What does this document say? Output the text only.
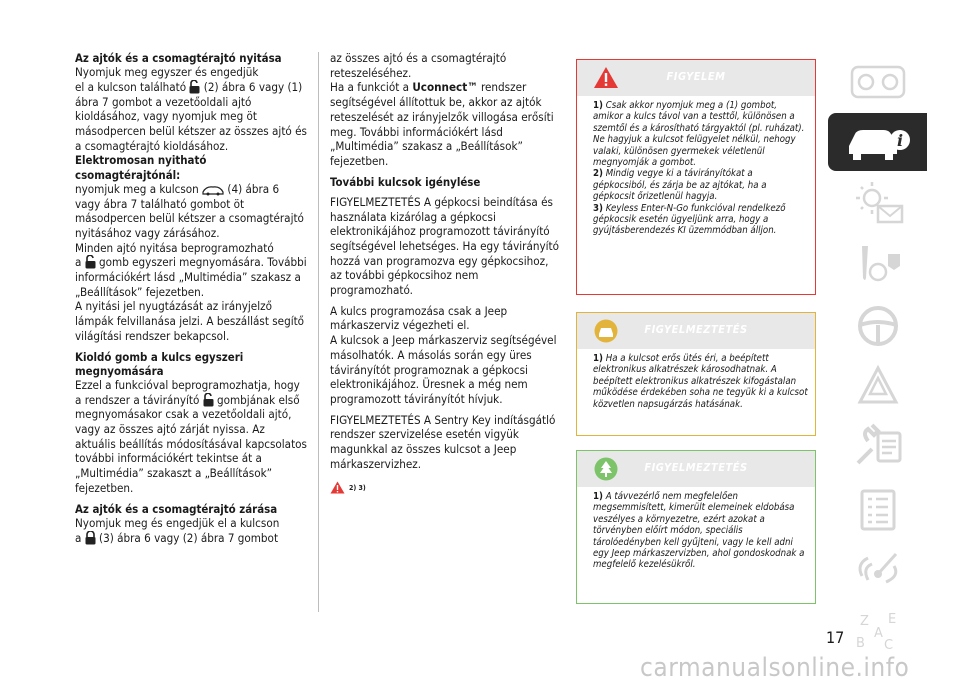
Az ajtók és a csomagtérajtó nyitása

Nyomjuk meg egyszer és engedjük
el a kulcson található (2) ábra 6 vagy (1) ábra 7 gombot a vezetőoldali ajtó kioldásához, vagy nyomjuk meg öt másodpercen belül kétszer az összes ajtó és a csomagtérajtó kioldásához.

Elektromosan nyitható csomagtérajtónál:

nyomjuk meg a kulcson (4) ábra 6 vagy ábra 7 található gombot öt másodpercen belül kétszer a csomagtérajtó nyitásához vagy zárásához.

Minden ajtó nyitása beprogramozható
a gomb egyszeri megnyomására. További információkért lásd „Multimédia” szakasz a „Beállítások” fejezetben.

A nyitási jel nyugtázását az irányjelző lámpák felvillanása jelzi. A beszállást segítő világítási rendszer bekapcsol.

Kioldó gomb a kulcs egyszeri megnyomására

Ezzel a funkcióval beprogramozhatja, hogy a rendszer a távirányító gombjának első megnyomásakor csak a vezetőoldali ajtó, vagy az összes ajtó zárját nyissa. Az aktuális beállítás módosításával kapcsolatos további információkért tekintse át a „Multimédia” szakaszt a „Beállítások” fejezetben.

Az ajtók és a csomagtérajtó zárása

Nyomjuk meg és engedjük el a kulcson
a (3) ábra 6 vagy (2) ábra 7 gombot

az összes ajtó és a csomagtérajtó reteszeléséhez.

Ha a funkciót a Uconnect™ rendszer segítségével állítottuk be, akkor az ajtók reteszelését az irányjelzők villogása erősíti meg. További információkért lásd „Multimédia” szakasz a „Beállítások” fejezetben.

További kulcsok igénylése

FIGYELMEZTETÉS A gépkocsi beindítása és használata kizárólag a gépkocsi elektronikájához programozott távirányító segítségével lehetséges. Ha egy távirányító hozzá van programozva egy gépkocsihoz, az további gépkocsihoz nem programozható.

A kulcs programozása csak a Jeep márkaszerviz végezheti el.

A kulcsok a Jeep márkaszerviz segítségével másolhatók. A másolás során egy üres távirányítót programoznak a gépkocsi elektronikájához. Üresnek a még nem programozott távirányítót hívjuk.

FIGYELMEZTETÉS A Sentry Key indításgátló rendszer szervizelése esetén vigyük magunkkal az összes kulcsot a Jeep márkaszervizhez.

2) 3)
FIGYELEM

1) Csak akkor nyomjuk meg a (1) gombot, amikor a kulcs távol van a testtől, különösen a szemtől és a károsítható tárgyaktól (pl. ruházat). Ne hagyjuk a kulcsot felügyelet nélkül, nehogy valaki, különösen gyermekek véletlenül megnyomják a gombot.

2) Mindig vegye ki a távirányítókat a gépkocsiból, és zárja be az ajtókat, ha a gépkocsit őrizetlenül hagyja.

3) Keyless Enter-N-Go funkcióval rendelkező gépkocsik esetén ügyeljünk arra, hogy a gyújtásberendezés KI üzemmódban álljon.

FIGYELMEZTETÉS

1) Ha a kulcsot erős ütés éri, a beépített elektronikus alkatrészek károsodhatnak. A beépített elektronikus alkatrészek kifogástalan működése érdekében soha ne tegyük ki a kulcsot közvetlen napsugárzás hatásának.

FIGYELMEZTETÉS

1) A távvezérlő nem megfelelően megsemmisített, kimerült elemeinek eldobása veszélyes a környezetre, ezért azokat a törvényben előírt módon, speciális tárolóedényben kell gyűjteni, vagy le kell adni egy Jeep márkaszervizben, ahol gondoskodnak a megfelelő kezelésükről.

i
Z E
A
B C
17
carmanualsonline.info
